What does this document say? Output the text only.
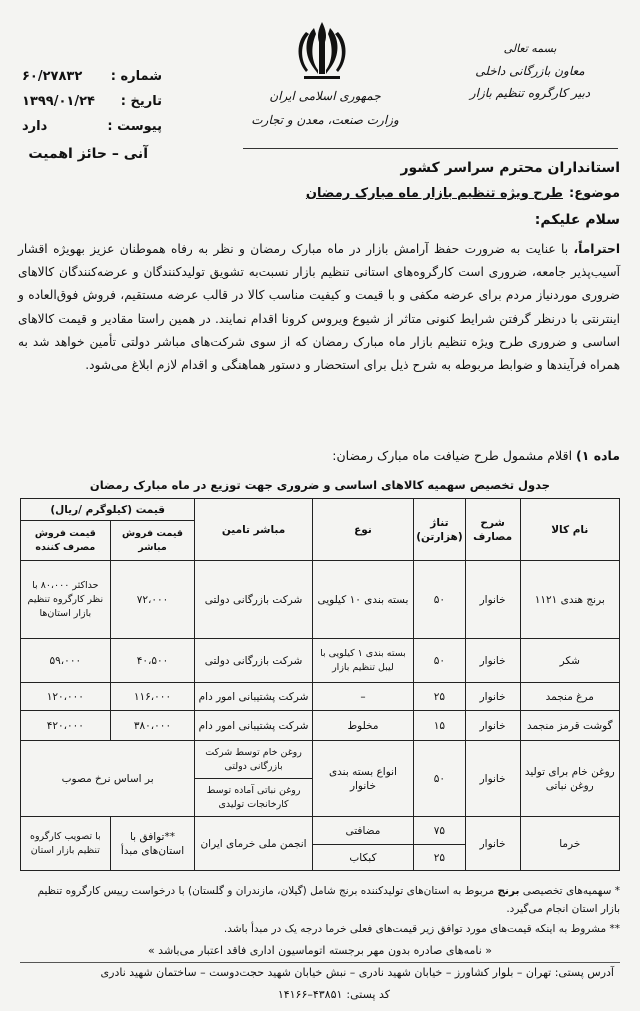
بسمه تعالی
معاون بازرگانی داخلی
دبیر کارگروه تنظیم بازار
جمهوری اسلامی ایران
وزارت صنعت، معدن و تجارت
شماره :
۶۰/۲۷۸۳۲
تاریخ :
۱۳۹۹/۰۱/۲۴
پیوست :
دارد
آنی – حائز اهمیت
استانداران محترم سراسر کشور
موضوع:طرح ویژه تنظیم بازار ماه مبارک رمضان
سلام علیکم:
احتراماً، با عنایت به ضرورت حفظ آرامش بازار در ماه مبارک رمضان و نظر به رفاه هموطنان عزیز بهویژه اقشار آسیب‌پذیر جامعه، ضروری است کارگروه‌های استانی تنظیم بازار نسبت‌به تشویق تولیدکنندگان و عرضه‌کنندگان کالاهای ضروری موردنیاز مردم برای عرضه مکفی و با قیمت و کیفیت مناسب کالا در قالب عرضه مستقیم، فروش فوق‌العاده و اینترنتی با درنظر گرفتن شرایط کنونی متاثر از شیوع ویروس کرونا اقدام نمایند. در همین راستا مقادیر و قیمت کالاهای اساسی و ضروری طرح ویژه تنظیم بازار ماه مبارک رمضان که از سوی شرکت‌های مباشر دولتی تأمین خواهد شد به همراه فرآیندها و ضوابط مربوطه به شرح ذیل برای استحضار و دستور هماهنگی و اقدام لازم ابلاغ می‌شود.
ماده ۱) اقلام مشمول طرح ضیافت ماه مبارک رمضان:
جدول تخصیص سهمیه کالاهای اساسی و ضروری جهت توزیع در ماه مبارک رمضان
نام کالا	شرح مصارف	تناژ (هزارتن)	نوع	مباشر تامین	قیمت (کیلوگرم /ریال)	
					قیمت فروش مباشر	قیمت فروش مصرف کننده
برنج هندی ۱۱۲۱	خانوار	۵۰	بسته بندی ۱۰ کیلویی	شرکت بازرگانی دولتی	۷۲،۰۰۰	حداکثر ۸۰،۰۰۰ با نظر کارگروه تنظیم بازار استان‌ها
شکر	خانوار	۵۰	بسته بندی ۱ کیلویی با لیبل تنظیم بازار	شرکت بازرگانی دولتی	۴۰،۵۰۰	۵۹،۰۰۰
مرغ منجمد	خانوار	۲۵	–	شرکت پشتیبانی امور دام	۱۱۶،۰۰۰	۱۲۰،۰۰۰
گوشت قرمز منجمد	خانوار	۱۵	مخلوط	شرکت پشتیبانی امور دام	۳۸۰،۰۰۰	۴۲۰،۰۰۰
روغن خام برای تولید روغن نباتی	خانوار	۵۰	انواع بسته بندی خانوار	روغن خام توسط شرکت بازرگانی دولتی	بر اساس نرخ مصوب	
				روغن نباتی آماده توسط کارخانجات تولیدی		
خرما	خانوار	۷۵	مضافتی	انجمن ملی خرمای ایران	**توافق با استان‌های مبدأ	با تصویب کارگروه تنظیم بازار استان
		۲۵	کبکاب			

* سهمیه‌های تخصیصی برنج مربوط به استان‌های تولیدکننده برنج شامل (گیلان، مازندران و گلستان) با درخواست رییس کارگروه تنظیم بازار استان انجام می‌گیرد.

** مشروط به اینکه قیمت‌های مورد توافق زیر قیمت‌های فعلی خرما درجه یک در مبدأ باشد.

« نامه‌های صادره بدون مهر برجسته اتوماسیون اداری فاقد اعتبار می‌باشد »
آدرس پستی: تهران – بلوار کشاورز – خیابان شهید نادری – نبش خیابان شهید حجت‌دوست – ساختمان شهید نادری
کد پستی:۱۴۱۶۶–۴۳۸۵۱
